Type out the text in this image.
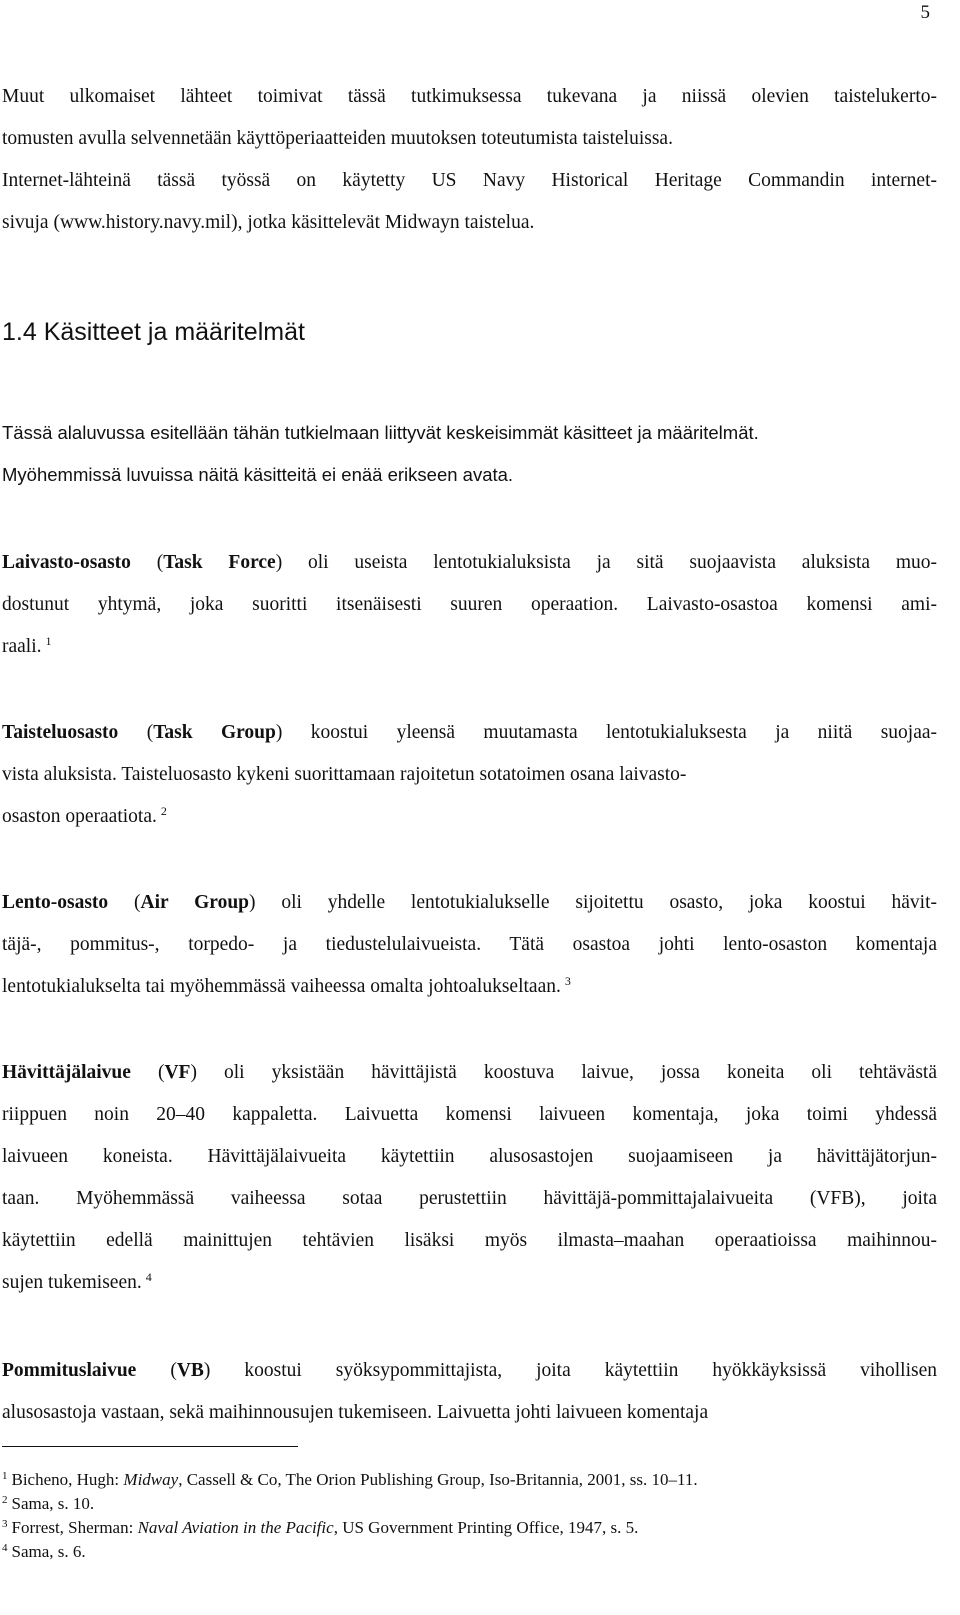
5

Muut ulkomaiset lähteet toimivat tässä tutkimuksessa tukevana ja niissä olevien taistelukerto-
tomusten avulla selvennetään käyttöperiaatteiden muutoksen toteutumista taisteluissa.
Internet-lähteinä tässä työssä on käytetty US Navy Historical Heritage Commandin internet-
sivuja (www.history.navy.mil), jotka käsittelevät Midwayn taistelua.

1.4 Käsitteet ja määritelmät

Tässä alaluvussa esitellään tähän tutkielmaan liittyvät keskeisimmät käsitteet ja määritelmät.
Myöhemmissä luvuissa näitä käsitteitä ei enää erikseen avata.

Laivasto-osasto (Task Force) oli useista lentotukialuksista ja sitä suojaavista aluksista muo-
dostunut yhtymä, joka suoritti itsenäisesti suuren operaation. Laivasto-osastoa komensi ami-
raali. $^1$

Taisteluosasto (Task Group) koostui yleensä muutamasta lentotukialuksesta ja niitä suojaa-
vista aluksista. Taisteluosasto kykeni suorittamaan rajoitetun sotatoimen osana laivasto-
osaston operaatiota. $^2$

Lento-osasto (Air Group) oli yhdelle lentotukialukselle sijoitettu osasto, joka koostui hävit-
täjä-, pommitus-, torpedo- ja tiedustelulaivueista. Tätä osastoa johti lento-osaston komentaja
lentotukialukselta tai myöhemmässä vaiheessa omalta johtoalukseltaan. $^3$

Hävittäjälaivue (VF) oli yksistään hävittäjistä koostuva laivue, jossa koneita oli tehtävästä
riippuen noin 20–40 kappaletta. Laivuetta komensi laivueen komentaja, joka toimi yhdessä
laivueen koneista. Hävittäjälaivueita käytettiin alusosastojen suojaamiseen ja hävittäjätorjun-
taan. Myöhemmässä vaiheessa sotaa perustettiin hävittäjä-pommittajalaivueita (VFB), joita
käytettiin edellä mainittujen tehtävien lisäksi myös ilmasta–maahan operaatioissa maihinnou-
sujen tukemiseen. $^4$

Pommituslaivue (VB) koostui syöksypommittajista, joita käytettiin hyökkäyksissä vihollisen
alusosastoja vastaan, sekä maihinnousujen tukemiseen. Laivuetta johti laivueen komentaja

$^1$ Bicheno, Hugh: Midway, Cassell & Co, The Orion Publishing Group, Iso-Britannia, 2001, ss. 10–11.
$^2$ Sama, s. 10.
$^3$ Forrest, Sherman: Naval Aviation in the Pacific, US Government Printing Office, 1947, s. 5.
$^4$ Sama, s. 6.
